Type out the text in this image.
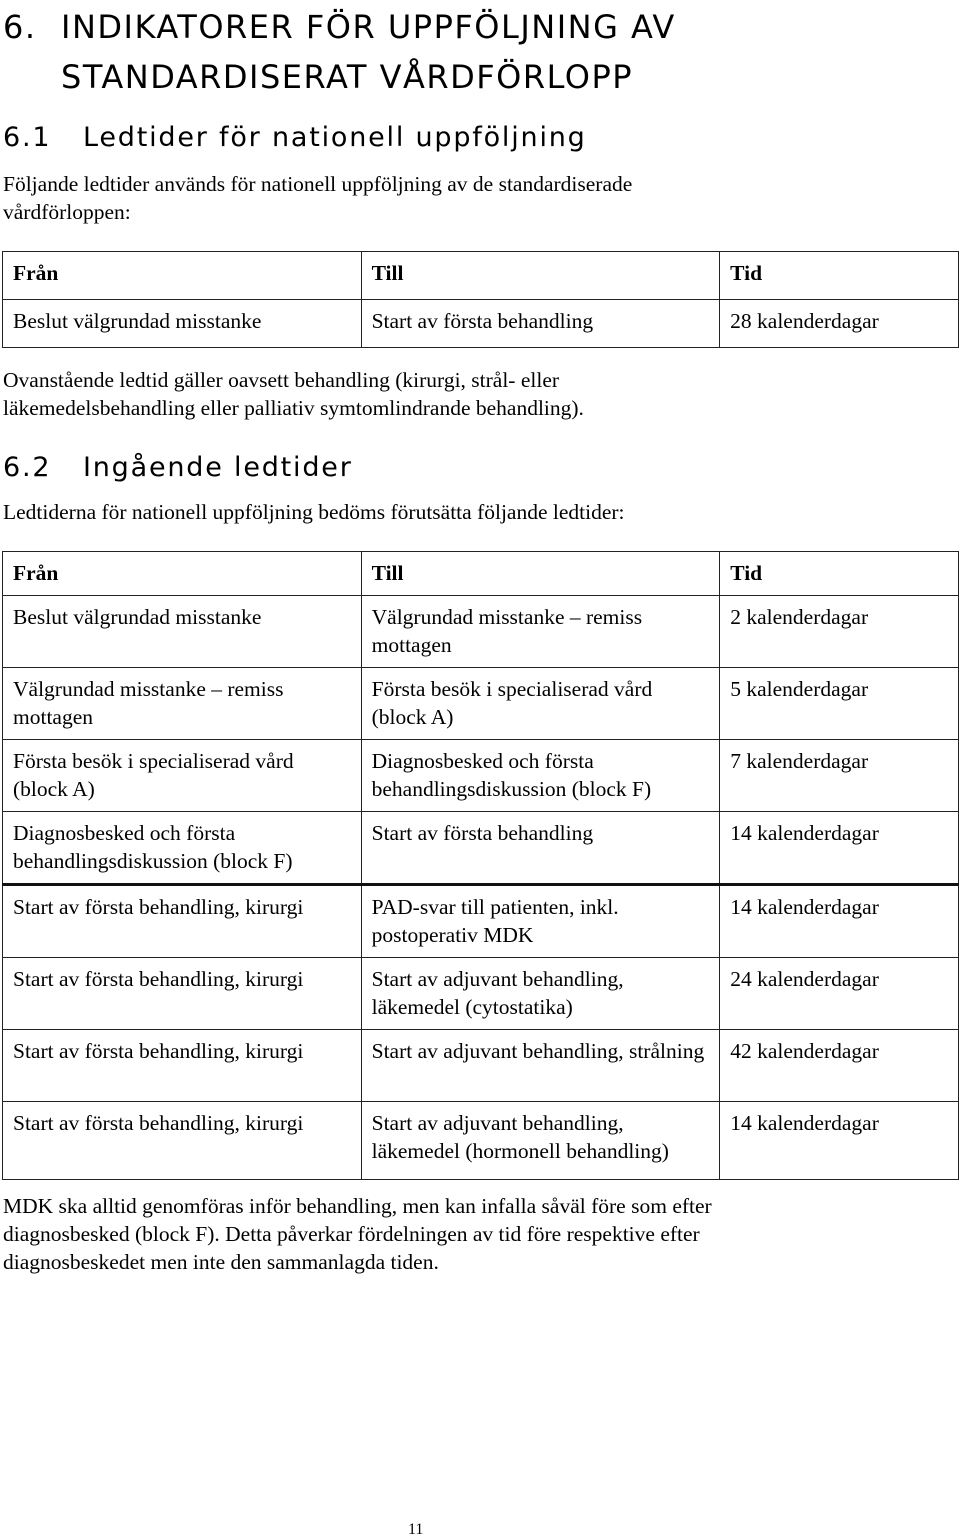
6. INDIKATORER FÖR UPPFÖLJNING AV
STANDARDISERAT VÅRDFÖRLOPP
6.1 Ledtider för nationell uppföljning

Följande ledtider används för nationell uppföljning av de standardiserade vårdförloppen:

Från	Till	Tid
Beslut välgrundad misstanke	Start av första behandling	28 kalenderdagar

Ovanstående ledtid gäller oavsett behandling (kirurgi, strål- eller läkemedelsbehandling eller palliativ symtomlindrande behandling).

6.2 Ingående ledtider

Ledtiderna för nationell uppföljning bedöms förutsätta följande ledtider:

Från	Till	Tid
Beslut välgrundad misstanke	Välgrundad misstanke – remiss mottagen	2 kalenderdagar
Välgrundad misstanke – remiss mottagen	Första besök i specialiserad vård (block A)	5 kalenderdagar
Första besök i specialiserad vård (block A)	Diagnosbesked och första behandlingsdiskussion (block F)	7 kalenderdagar
Diagnosbesked och första behandlingsdiskussion (block F)	Start av första behandling	14 kalenderdagar
Start av första behandling, kirurgi	PAD-svar till patienten, inkl. postoperativ MDK	14 kalenderdagar
Start av första behandling, kirurgi	Start av adjuvant behandling, läkemedel (cytostatika)	24 kalenderdagar
Start av första behandling, kirurgi	Start av adjuvant behandling, strålning	42 kalenderdagar
Start av första behandling, kirurgi	Start av adjuvant behandling, läkemedel (hormonell behandling)	14 kalenderdagar

MDK ska alltid genomföras inför behandling, men kan infalla såväl före som efter diagnosbesked (block F). Detta påverkar fördelningen av tid före respektive efter diagnosbeskedet men inte den sammanlagda tiden.

11
